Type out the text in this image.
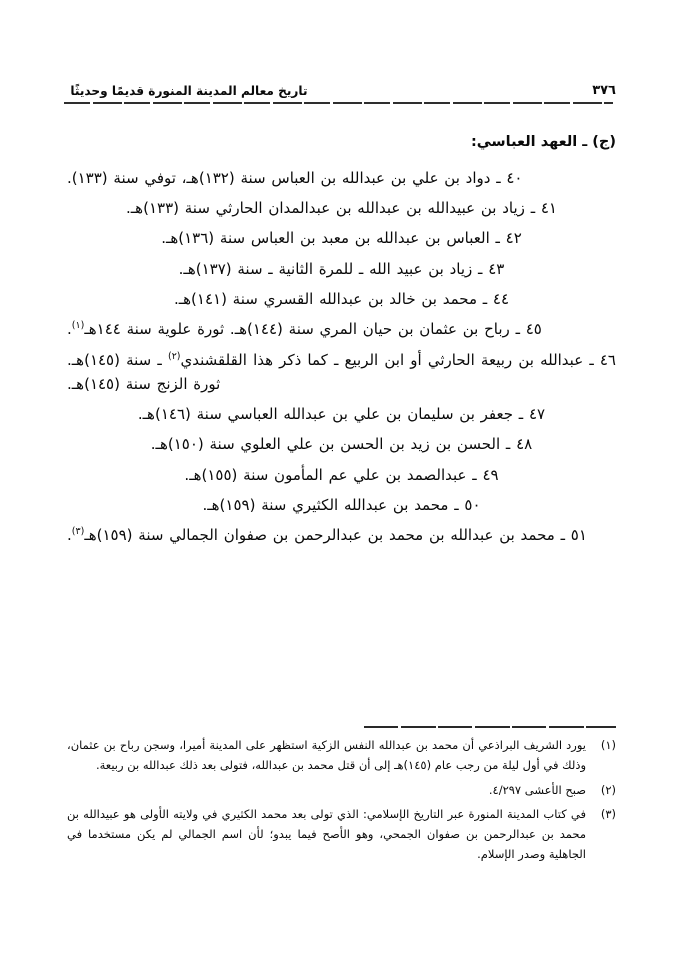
تاريخ معالم المدينة المنورة قديمًا وحديثًا	٣٧٦

(ج) ـ العهد العباسي:

٤٠ ـ دواد بن علي بن عبدالله بن العباس سنة (١٣٢)هـ، توفي سنة (١٣٣).

٤١ ـ زياد بن عبيدالله بن عبدالله بن عبدالمدان الحارثي سنة (١٣٣)هـ.

٤٢ ـ العباس بن عبدالله بن معبد بن العباس سنة (١٣٦)هـ.

٤٣ ـ زياد بن عبيد الله ـ للمرة الثانية ـ سنة (١٣٧)هـ.

٤٤ ـ محمد بن خالد بن عبدالله القسري سنة (١٤١)هـ.

٤٥ ـ رباح بن عثمان بن حيان المري سنة (١٤٤)هـ. ثورة علوية سنة ١٤٤هـ$^{(١)}$.

٤٦ ـ عبدالله بن ربيعة الحارثي أو ابن الربيع ـ كما ذكر هذا القلقشندي$^{(٢)}$ ـ سنة (١٤٥)هـ. ثورة الزنج سنة (١٤٥)هـ.

٤٧ ـ جعفر بن سليمان بن علي بن عبدالله العباسي سنة (١٤٦)هـ.

٤٨ ـ الحسن بن زيد بن الحسن بن علي العلوي سنة (١٥٠)هـ.

٤٩ ـ عبدالصمد بن علي عم المأمون سنة (١٥٥)هـ.

٥٠ ـ محمد بن عبدالله الكثيري سنة (١٥٩)هـ.

٥١ ـ محمد بن عبدالله بن محمد بن عبدالرحمن بن صفوان الجمالي سنة (١٥٩)هـ$^{(٣)}$.

(١)
يورد الشريف البراذعي أن محمد بن عبدالله النفس الزكية استظهر على المدينة أميرا، وسجن رباح بن عثمان، وذلك في أول ليلة من رجب عام (١٤٥)هـ إلى أن قتل محمد بن عبدالله، فتولى بعد ذلك عبدالله بن ربيعة.
(٢)
صبح الأعشى ٤/٢٩٧.
(٣)
في كتاب المدينة المنورة عبر التاريخ الإسلامي: الذي تولى بعد محمد الكثيري في ولايته الأولى هو عبيدالله بن محمد بن عبدالرحمن بن صفوان الجمحي، وهو الأصح فيما يبدو؛ لأن اسم الجمالي لم يكن مستخدما في الجاهلية وصدر الإسلام.
